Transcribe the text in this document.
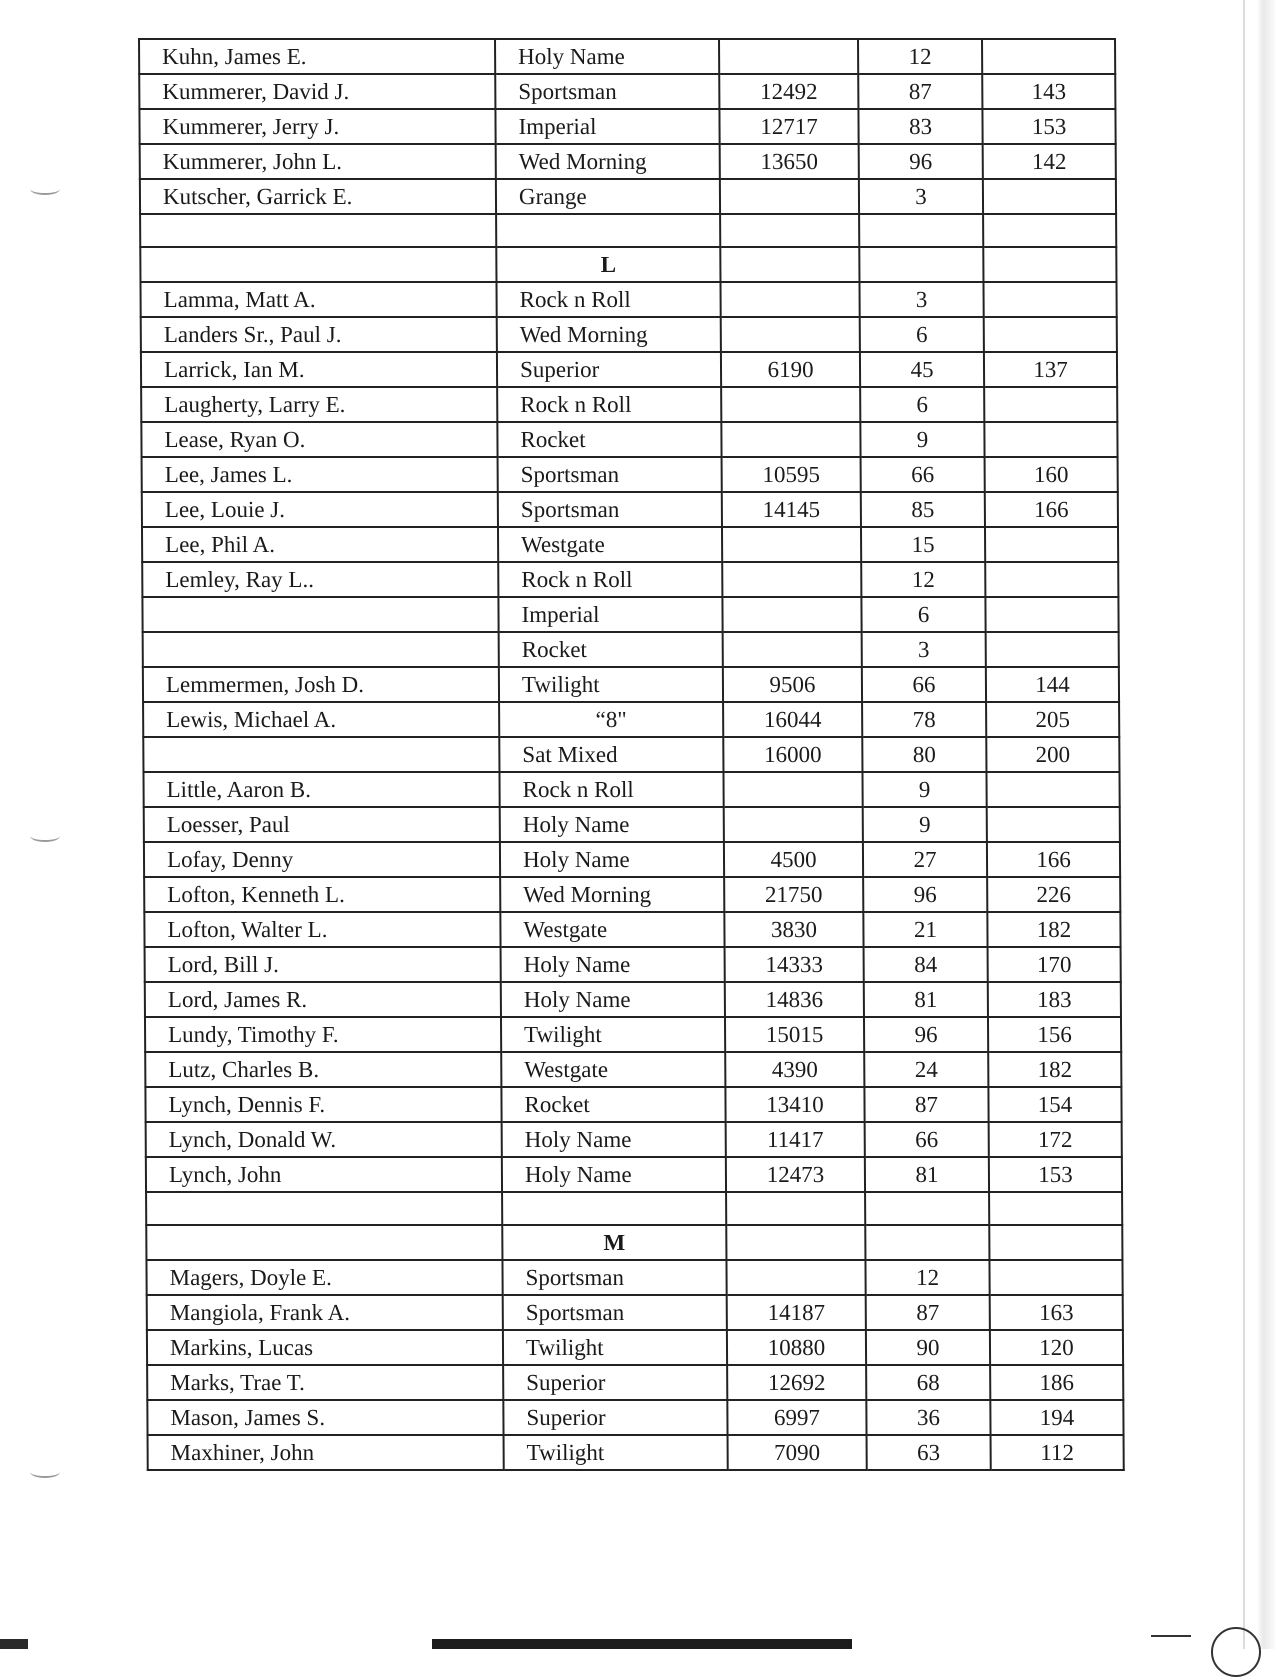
Kuhn, James E.	Holy Name		12	
Kummerer, David J.	Sportsman	12492	87	143
Kummerer, Jerry J.	Imperial	12717	83	153
Kummerer, John L.	Wed Morning	13650	96	142
Kutscher, Garrick E.	Grange		3	

	L			
Lamma, Matt A.	Rock n Roll		3	
Landers Sr., Paul J.	Wed Morning		6	
Larrick, Ian M.	Superior	6190	45	137
Laugherty, Larry E.	Rock n Roll		6	
Lease, Ryan O.	Rocket		9	
Lee, James L.	Sportsman	10595	66	160
Lee, Louie J.	Sportsman	14145	85	166
Lee, Phil A.	Westgate		15	
Lemley, Ray L..	Rock n Roll		12	
	Imperial		6	
	Rocket		3	
Lemmermen, Josh D.	Twilight	9506	66	144
Lewis, Michael A.	“8"	16044	78	205
	Sat Mixed	16000	80	200
Little, Aaron B.	Rock n Roll		9	
Loesser, Paul	Holy Name		9	
Lofay, Denny	Holy Name	4500	27	166
Lofton, Kenneth L.	Wed Morning	21750	96	226
Lofton, Walter L.	Westgate	3830	21	182
Lord, Bill J.	Holy Name	14333	84	170
Lord, James R.	Holy Name	14836	81	183
Lundy, Timothy F.	Twilight	15015	96	156
Lutz, Charles B.	Westgate	4390	24	182
Lynch, Dennis F.	Rocket	13410	87	154
Lynch, Donald W.	Holy Name	11417	66	172
Lynch, John	Holy Name	12473	81	153

	M			
Magers, Doyle E.	Sportsman		12	
Mangiola, Frank A.	Sportsman	14187	87	163
Markins, Lucas	Twilight	10880	90	120
Marks, Trae T.	Superior	12692	68	186
Mason, James S.	Superior	6997	36	194
Maxhiner, John	Twilight	7090	63	112
